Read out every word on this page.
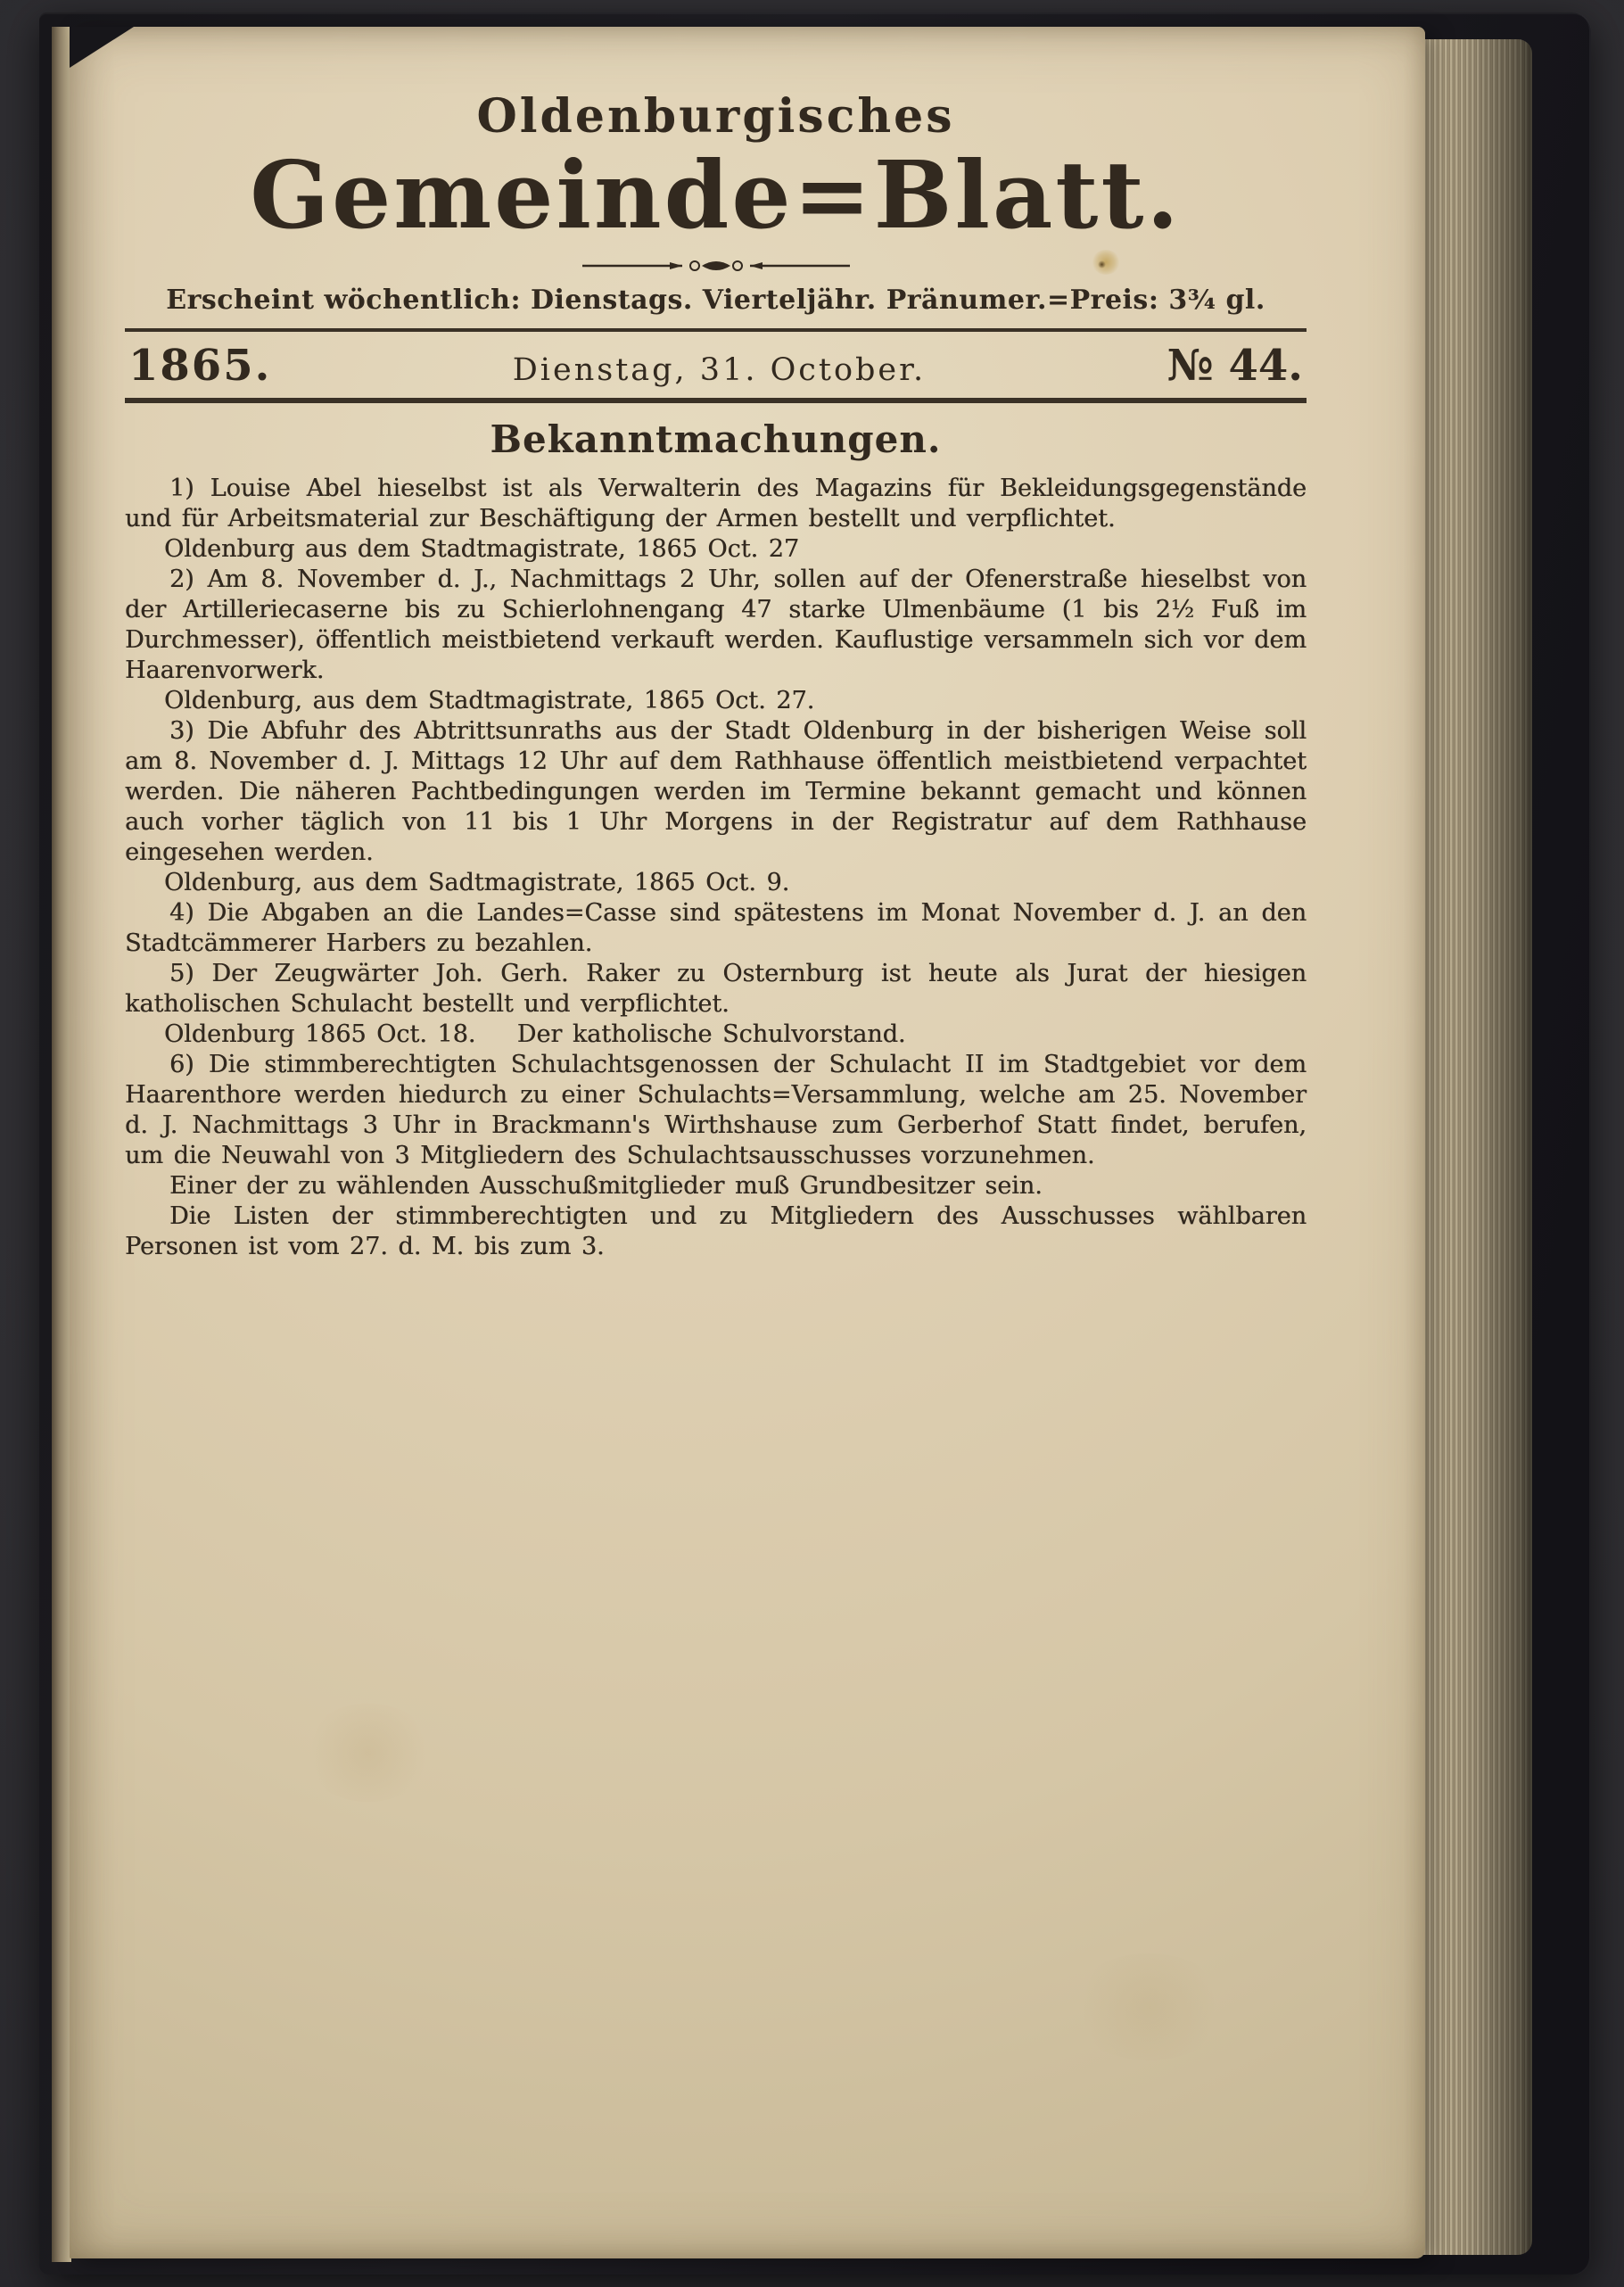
Oldenburgisches
Gemeinde=Blatt.
Erscheint wöchentlich: Dienstags. Vierteljähr. Pränumer.=Preis: 3¾ gl.
1865.	Dienstag, 31. October.	№ 44.
Bekanntmachungen.

1) Louise Abel hieselbst ist als Verwalterin des Magazins für Bekleidungsgegenstände und für Arbeitsmaterial zur Beschäftigung der Armen bestellt und verpflichtet.

Oldenburg aus dem Stadtmagistrate, 1865 Oct. 27

2) Am 8. November d. J., Nachmittags 2 Uhr, sollen auf der Ofenerstraße hieselbst von der Artilleriecaserne bis zu Schierlohnengang 47 starke Ulmenbäume (1 bis 2½ Fuß im Durchmesser), öffentlich meistbietend verkauft werden. Kauflustige versammeln sich vor dem Haarenvorwerk.

Oldenburg, aus dem Stadtmagistrate, 1865 Oct. 27.

3) Die Abfuhr des Abtrittsunraths aus der Stadt Oldenburg in der bisherigen Weise soll am 8. November d. J. Mittags 12 Uhr auf dem Rathhause öffentlich meistbietend verpachtet werden. Die näheren Pachtbedingungen werden im Termine bekannt gemacht und können auch vorher täglich von 11 bis 1 Uhr Morgens in der Registratur auf dem Rathhause eingesehen werden.

Oldenburg, aus dem Sadtmagistrate, 1865 Oct. 9.

4) Die Abgaben an die Landes=Casse sind spätestens im Monat November d. J. an den Stadtcämmerer Harbers zu bezahlen.

5) Der Zeugwärter Joh. Gerh. Raker zu Osternburg ist heute als Jurat der hiesigen katholischen Schulacht bestellt und verpflichtet.

Oldenburg 1865 Oct. 18.    Der katholische Schulvorstand.

6) Die stimmberechtigten Schulachtsgenossen der Schulacht II im Stadtgebiet vor dem Haarenthore werden hiedurch zu einer Schulachts=Versammlung, welche am 25. November d. J. Nachmittags 3 Uhr in Brackmann's Wirthshause zum Gerberhof Statt findet, berufen, um die Neuwahl von 3 Mitgliedern des Schulachtsausschusses vorzunehmen.

Einer der zu wählenden Ausschußmitglieder muß Grundbesitzer sein.

Die Listen der stimmberechtigten und zu Mitgliedern des Ausschusses wählbaren Personen ist vom 27. d. M. bis zum 3.
